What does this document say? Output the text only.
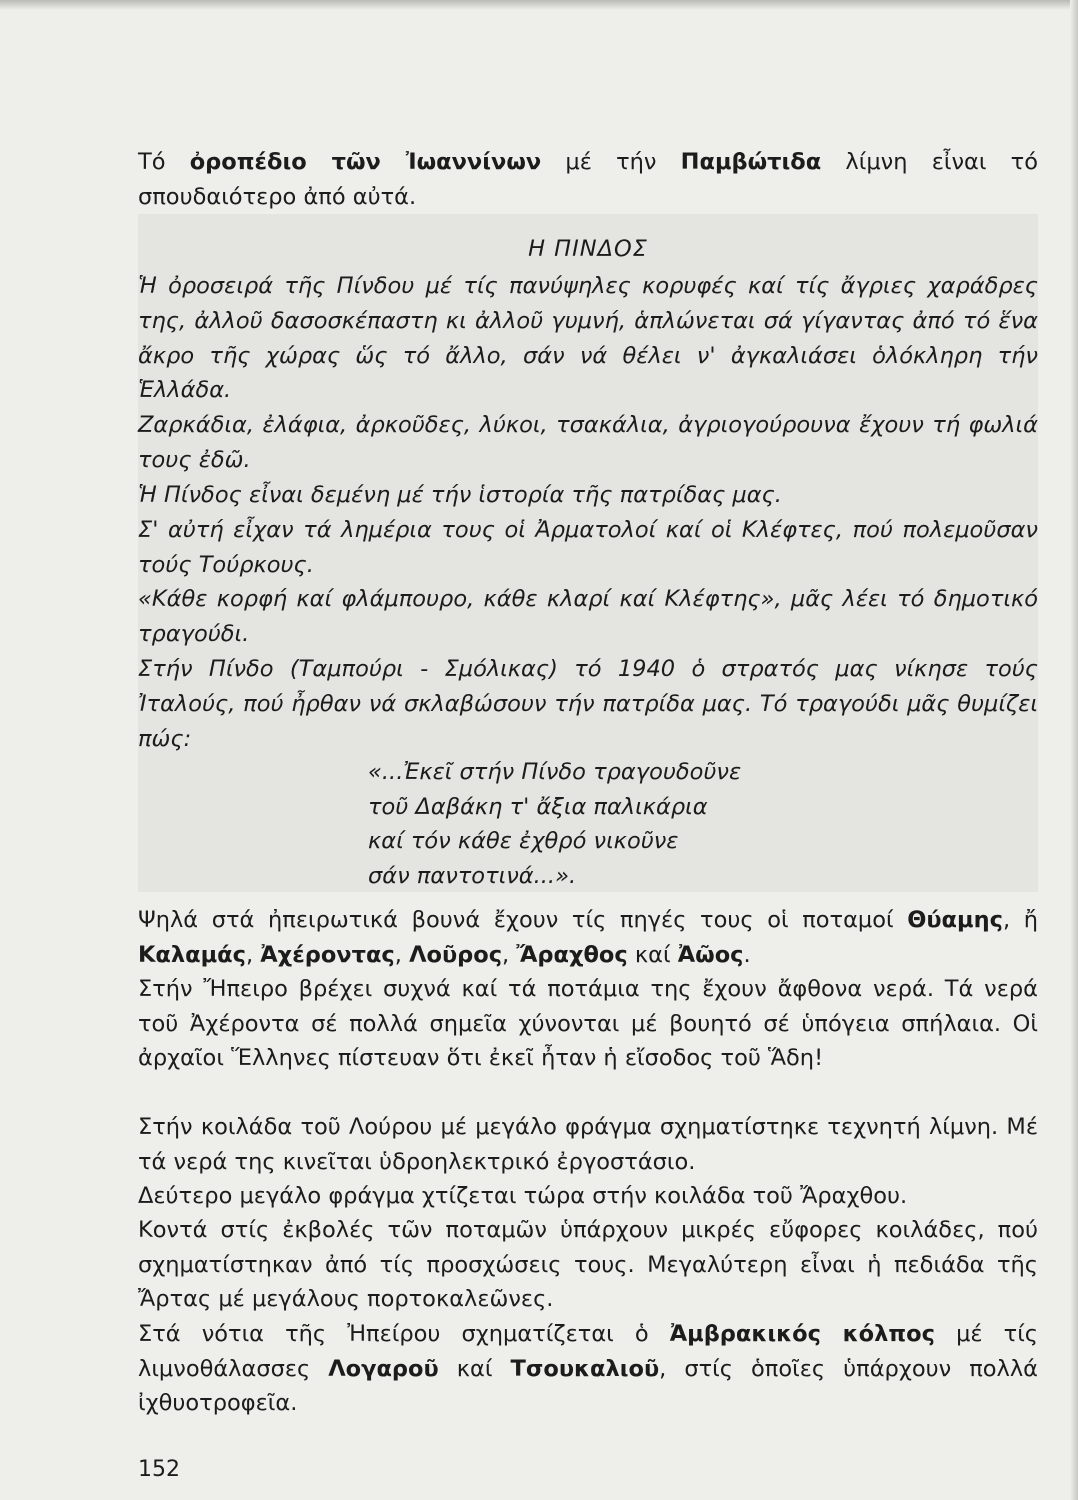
Τό ὀροπέδιο τῶν Ἰωαννίνων μέ τήν Παμβώτιδα λίμνη εἶναι τό σπουδαιότερο ἀπό αὐτά.
Η ΠΙΝΔΟΣ
Ἡ ὀροσειρά τῆς Πίνδου μέ τίς πανύψηλες κορυφές καί τίς ἄγριες χαράδρες της, ἀλλοῦ δασοσκέπαστη κι ἀλλοῦ γυμνή, ἁπλώνεται σά γίγαντας ἀπό τό ἕνα ἄκρο τῆς χώρας ὥς τό ἄλλο, σάν νά θέλει ν' ἀγκαλιάσει ὁλόκληρη τήν Ἑλλάδα.
Ζαρκάδια, ἐλάφια, ἀρκοῦδες, λύκοι, τσακάλια, ἀγριογούρουνα ἔχουν τή φωλιά τους ἐδῶ.
Ἡ Πίνδος εἶναι δεμένη μέ τήν ἱστορία τῆς πατρίδας μας.
Σ' αὐτή εἶχαν τά λημέρια τους οἱ Ἀρματολοί καί οἱ Κλέφτες, πού πολεμοῦσαν τούς Τούρκους.
«Κάθε κορφή καί φλάμπουρο, κάθε κλαρί καί Κλέφτης», μᾶς λέει τό δημοτικό τραγούδι.
Στήν Πίνδο (Ταμπούρι - Σμόλικας) τό 1940 ὁ στρατός μας νίκησε τούς Ἰταλούς, πού ἦρθαν νά σκλαβώσουν τήν πατρίδα μας. Τό τραγούδι μᾶς θυμίζει πώς:
«...Ἐκεῖ στήν Πίνδο τραγουδοῦνε
τοῦ Δαβάκη τ' ἄξια παλικάρια
καί τόν κάθε ἐχθρό νικοῦνε
σάν παντοτινά...».
Ψηλά στά ἠπειρωτικά βουνά ἔχουν τίς πηγές τους οἱ ποταμοί Θύαμης, ἤ Καλαμάς, Ἀχέροντας, Λοῦρος, Ἄραχθος καί Ἀῶος.
Στήν Ἤπειρο βρέχει συχνά καί τά ποτάμια της ἔχουν ἄφθονα νερά. Τά νερά τοῦ Ἀχέροντα σέ πολλά σημεῖα χύνονται μέ βουητό σέ ὑπόγεια σπήλαια. Οἱ ἀρχαῖοι Ἕλληνες πίστευαν ὅτι ἐκεῖ ἦταν ἡ εἴσοδος τοῦ Ἅδη!
Στήν κοιλάδα τοῦ Λούρου μέ μεγάλο φράγμα σχηματίστηκε τεχνητή λίμνη. Μέ τά νερά της κινεῖται ὑδροηλεκτρικό ἐργοστάσιο.
Δεύτερο μεγάλο φράγμα χτίζεται τώρα στήν κοιλάδα τοῦ Ἄραχθου.
Κοντά στίς ἐκβολές τῶν ποταμῶν ὑπάρχουν μικρές εὔφορες κοιλάδες, πού σχηματίστηκαν ἀπό τίς προσχώσεις τους. Μεγαλύτερη εἶναι ἡ πεδιάδα τῆς Ἄρτας μέ μεγάλους πορτοκαλεῶνες.
Στά νότια τῆς Ἠπείρου σχηματίζεται ὁ Ἀμβρακικός κόλπος μέ τίς λιμνοθάλασσες Λογαροῦ καί Τσουκαλιοῦ, στίς ὁποῖες ὑπάρχουν πολλά ἰχθυοτροφεῖα.
152
